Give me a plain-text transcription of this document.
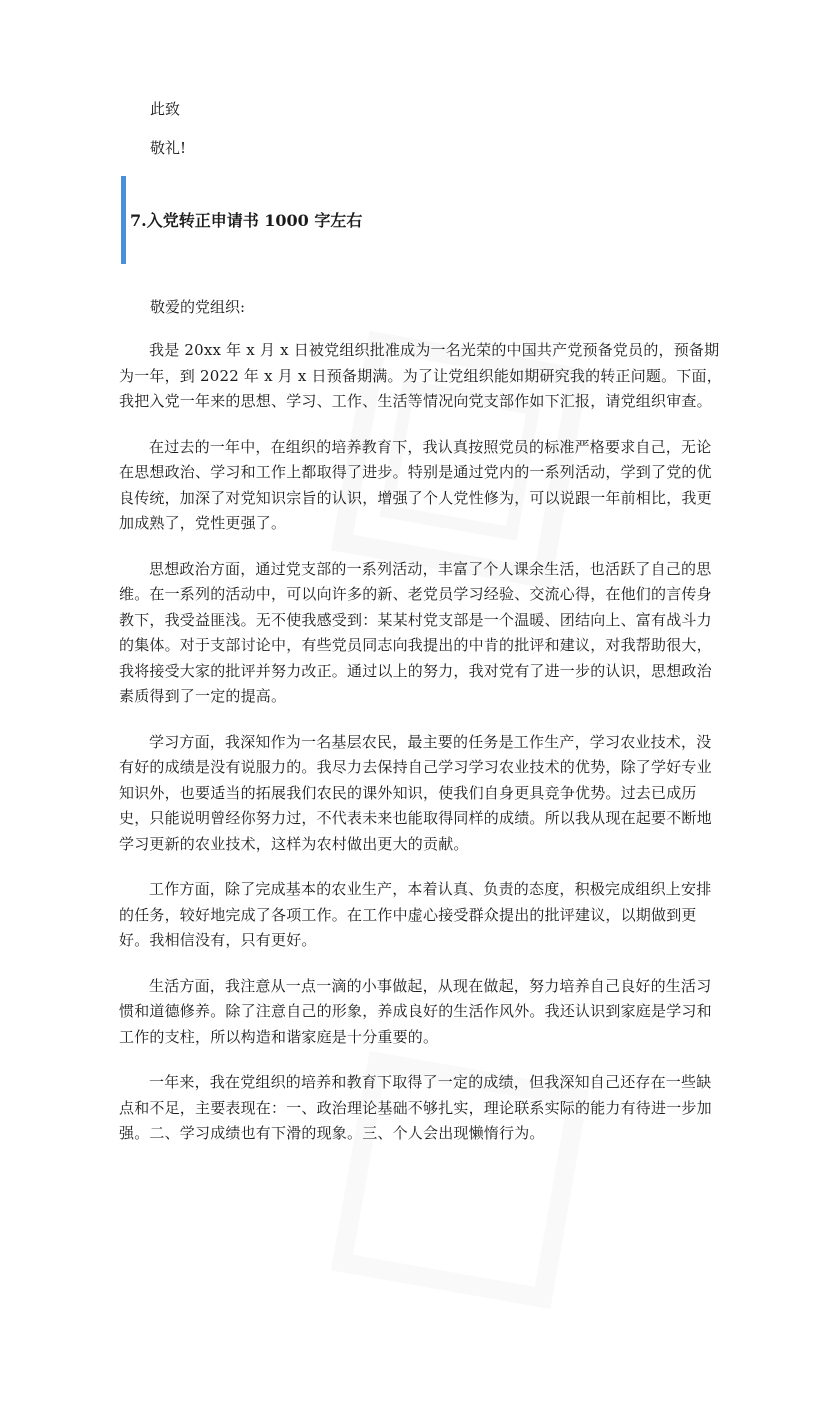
此致
敬礼!
7.入党转正申请书 1000 字左右
敬爱的党组织:

我是 20xx 年 x 月 x 日被党组织批准成为一名光荣的中国共产党预备党员的，预备期为一年，到 2022 年 x 月 x 日预备期满。为了让党组织能如期研究我的转正问题。下面，我把入党一年来的思想、学习、工作、生活等情况向党支部作如下汇报，请党组织审查。

在过去的一年中，在组织的培养教育下，我认真按照党员的标准严格要求自己，无论在思想政治、学习和工作上都取得了进步。特别是通过党内的一系列活动，学到了党的优良传统，加深了对党知识宗旨的认识，增强了个人党性修为，可以说跟一年前相比，我更加成熟了，党性更强了。

思想政治方面，通过党支部的一系列活动，丰富了个人课余生活，也活跃了自己的思维。在一系列的活动中，可以向许多的新、老党员学习经验、交流心得，在他们的言传身教下，我受益匪浅。无不使我感受到：某某村党支部是一个温暖、团结向上、富有战斗力的集体。对于支部讨论中，有些党员同志向我提出的中肯的批评和建议，对我帮助很大，我将接受大家的批评并努力改正。通过以上的努力，我对党有了进一步的认识，思想政治素质得到了一定的提高。

学习方面，我深知作为一名基层农民，最主要的任务是工作生产，学习农业技术，没有好的成绩是没有说服力的。我尽力去保持自己学习学习农业技术的优势，除了学好专业知识外，也要适当的拓展我们农民的课外知识，使我们自身更具竞争优势。过去已成历史，只能说明曾经你努力过，不代表未来也能取得同样的成绩。所以我从现在起要不断地学习更新的农业技术，这样为农村做出更大的贡献。

工作方面，除了完成基本的农业生产，本着认真、负责的态度，积极完成组织上安排的任务，较好地完成了各项工作。在工作中虚心接受群众提出的批评建议，以期做到更好。我相信没有，只有更好。

生活方面，我注意从一点一滴的小事做起，从现在做起，努力培养自己良好的生活习惯和道德修养。除了注意自己的形象，养成良好的生活作风外。我还认识到家庭是学习和工作的支柱，所以构造和谐家庭是十分重要的。

一年来，我在党组织的培养和教育下取得了一定的成绩，但我深知自己还存在一些缺点和不足，主要表现在：一、政治理论基础不够扎实，理论联系实际的能力有待进一步加强。二、学习成绩也有下滑的现象。三、个人会出现懒惰行为。
